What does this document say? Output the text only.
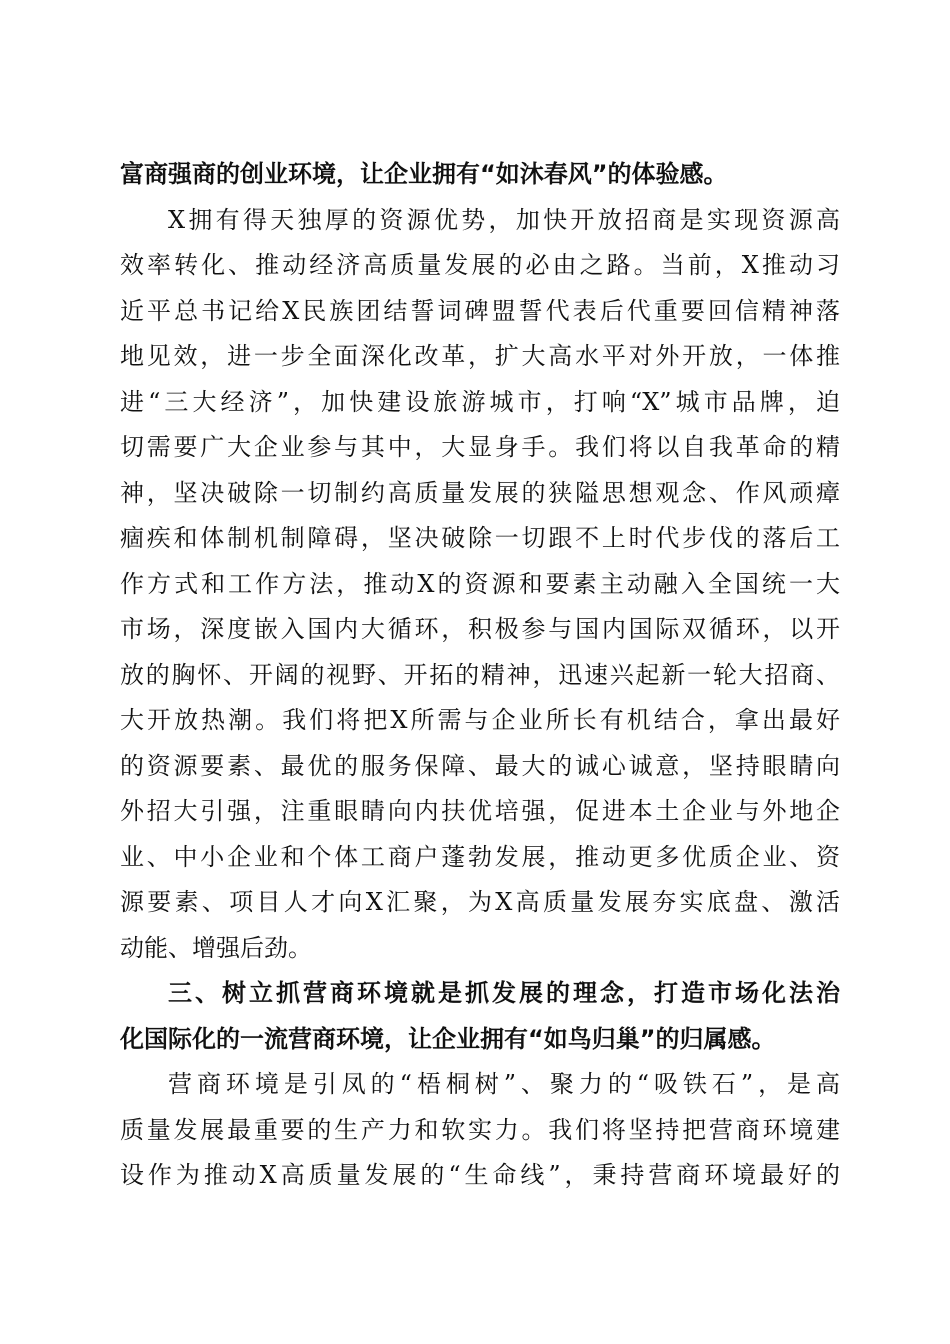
富商强商的创业环境，让企业拥有“如沐春风”的体验感。
X拥有得天独厚的资源优势，加快开放招商是实现资源高
效率转化、推动经济高质量发展的必由之路。当前，X推动习
近平总书记给X民族团结誓词碑盟誓代表后代重要回信精神落
地见效，进一步全面深化改革，扩大高水平对外开放，一体推
进“三大经济”，加快建设旅游城市，打响“X”城市品牌，迫
切需要广大企业参与其中，大显身手。我们将以自我革命的精
神，坚决破除一切制约高质量发展的狭隘思想观念、作风顽瘴
痼疾和体制机制障碍，坚决破除一切跟不上时代步伐的落后工
作方式和工作方法，推动X的资源和要素主动融入全国统一大
市场，深度嵌入国内大循环，积极参与国内国际双循环，以开
放的胸怀、开阔的视野、开拓的精神，迅速兴起新一轮大招商、
大开放热潮。我们将把X所需与企业所长有机结合，拿出最好
的资源要素、最优的服务保障、最大的诚心诚意，坚持眼睛向
外招大引强，注重眼睛向内扶优培强，促进本土企业与外地企
业、中小企业和个体工商户蓬勃发展，推动更多优质企业、资
源要素、项目人才向X汇聚，为X高质量发展夯实底盘、激活
动能、增强后劲。
三、树立抓营商环境就是抓发展的理念，打造市场化法治
化国际化的一流营商环境，让企业拥有“如鸟归巢”的归属感。
营商环境是引凤的“梧桐树”、聚力的“吸铁石”，是高
质量发展最重要的生产力和软实力。我们将坚持把营商环境建
设作为推动X高质量发展的“生命线”，秉持营商环境最好的
